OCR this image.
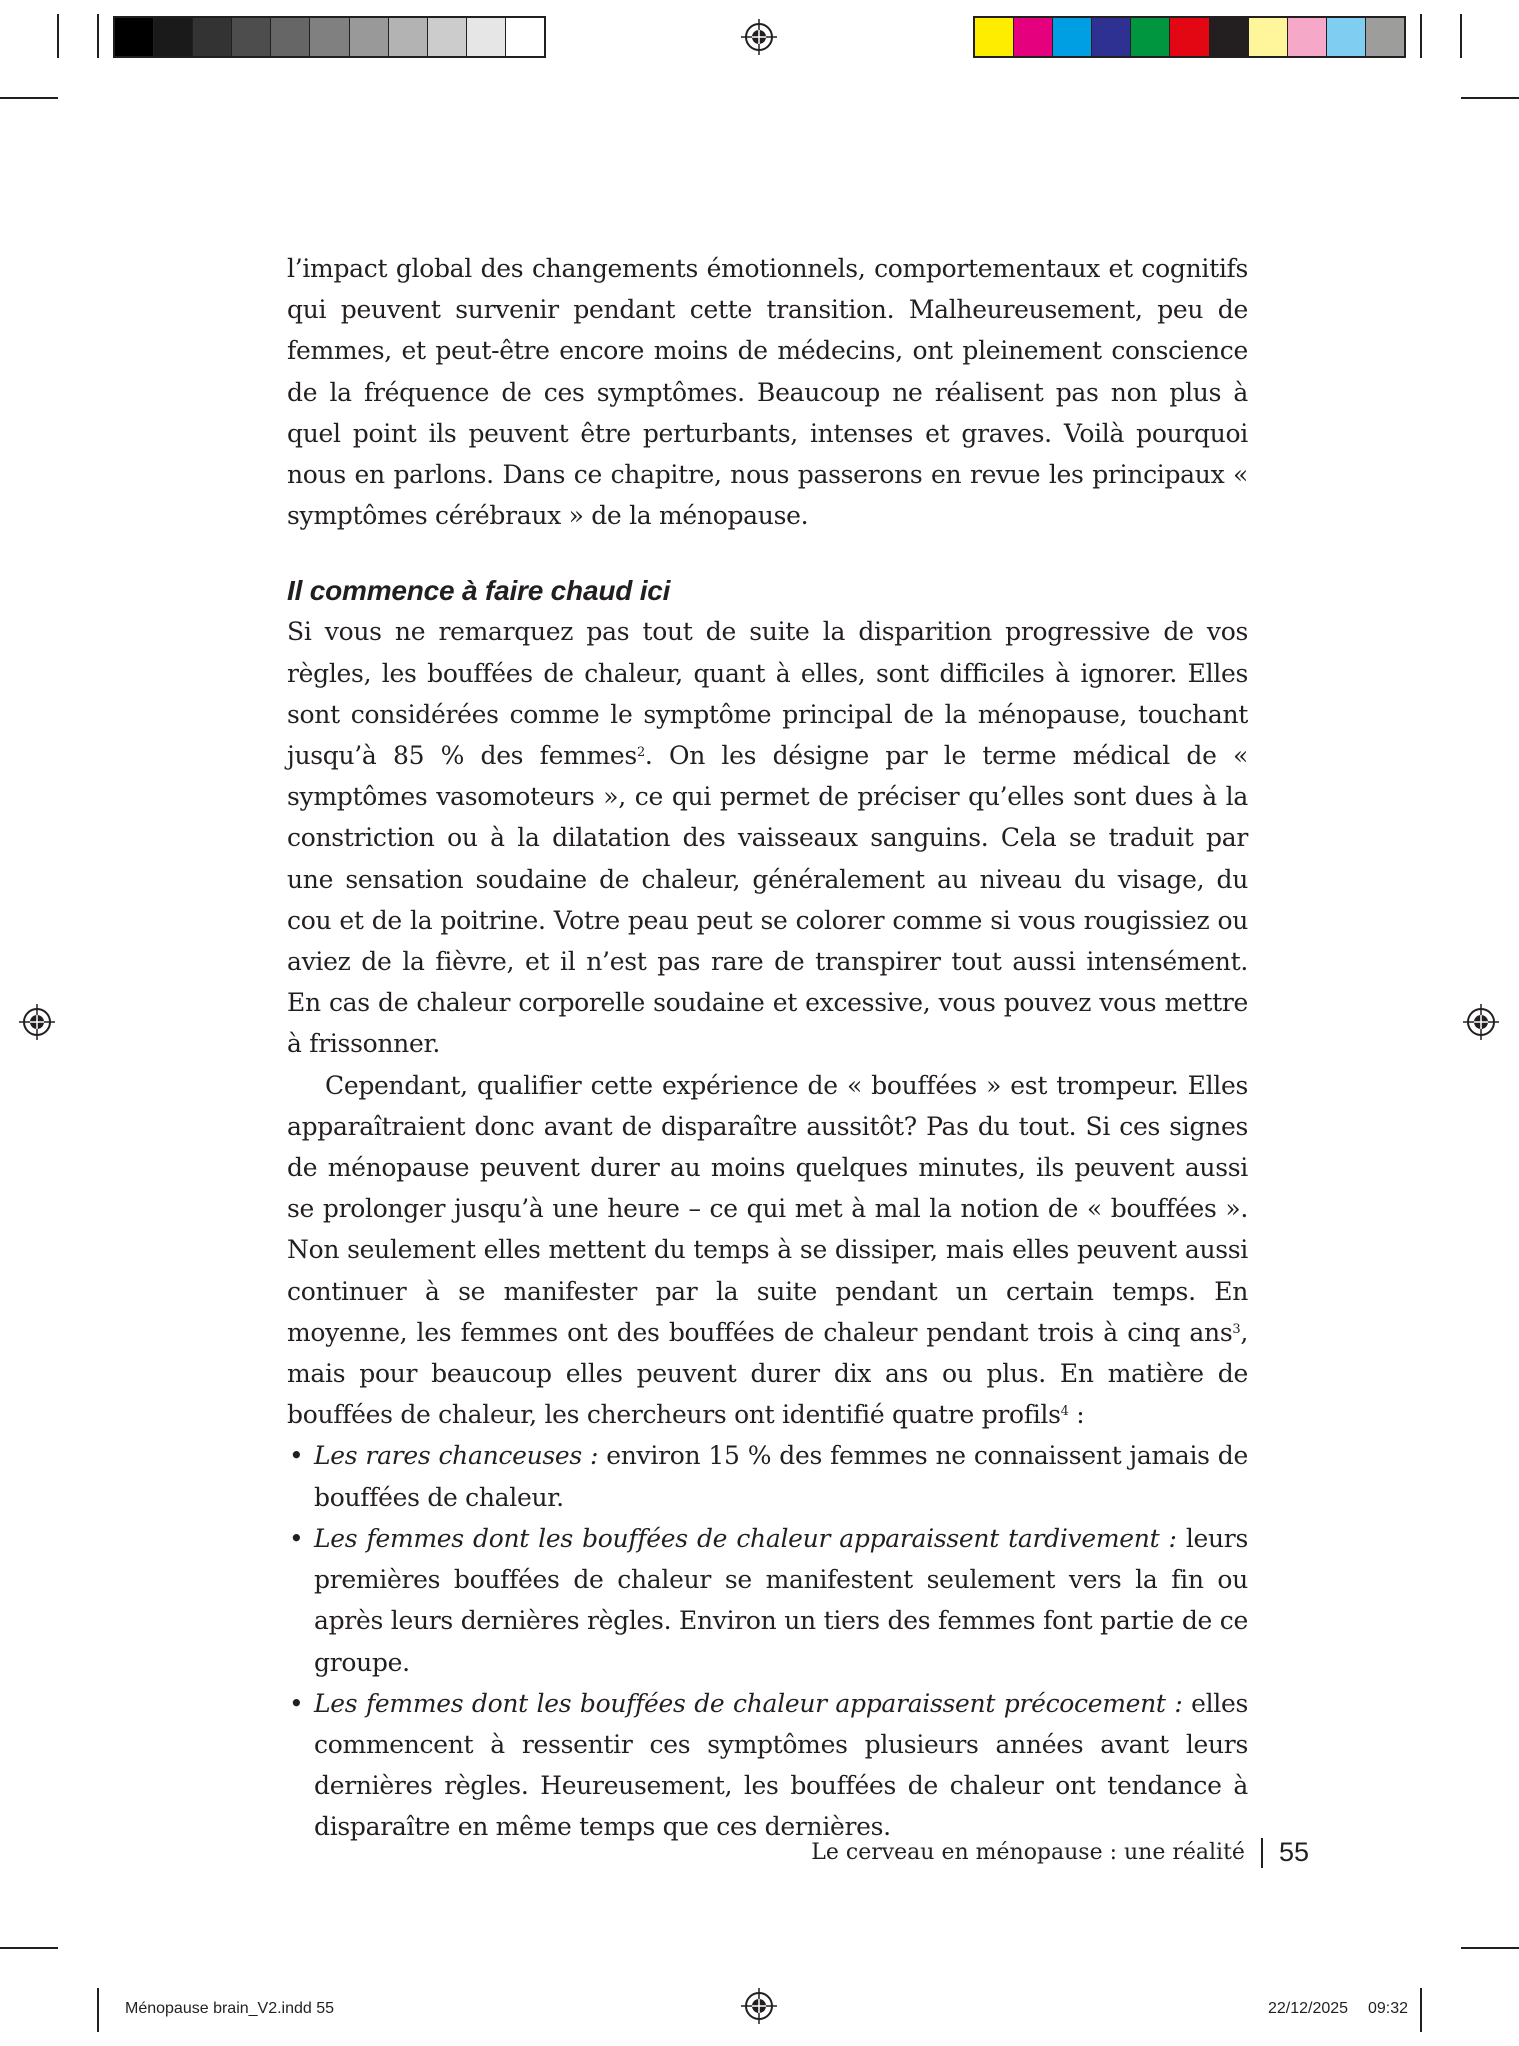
l’impact global des changements émotionnels, comportementaux et cognitifs qui peuvent survenir pendant cette transition. Malheureusement, peu de femmes, et peut-être encore moins de médecins, ont pleinement conscience de la fréquence de ces symptômes. Beaucoup ne réalisent pas non plus à quel point ils peuvent être perturbants, intenses et graves. Voilà pourquoi nous en parlons. Dans ce chapitre, nous passerons en revue les principaux « symptômes cérébraux » de la ménopause.

Il commence à faire chaud ici

Si vous ne remarquez pas tout de suite la disparition progressive de vos règles, les bouffées de chaleur, quant à elles, sont difficiles à ignorer. Elles sont considérées comme le symptôme principal de la ménopause, touchant jusqu’à 85 % des femmes$^2$. On les désigne par le terme médical de « symptômes vasomoteurs », ce qui permet de préciser qu’elles sont dues à la constriction ou à la dilatation des vaisseaux sanguins. Cela se traduit par une sensation soudaine de chaleur, généralement au niveau du visage, du cou et de la poitrine. Votre peau peut se colorer comme si vous rougissiez ou aviez de la fièvre, et il n’est pas rare de transpirer tout aussi intensément. En cas de chaleur corporelle soudaine et excessive, vous pouvez vous mettre à frissonner.

Cependant, qualifier cette expérience de « bouffées » est trompeur. Elles apparaîtraient donc avant de disparaître aussitôt? Pas du tout. Si ces signes de ménopause peuvent durer au moins quelques minutes, ils peuvent aussi se prolonger jusqu’à une heure – ce qui met à mal la notion de « bouffées ». Non seulement elles mettent du temps à se dissiper, mais elles peuvent aussi continuer à se manifester par la suite pendant un certain temps. En moyenne, les femmes ont des bouffées de chaleur pendant trois à cinq ans$^3$, mais pour beaucoup elles peuvent durer dix ans ou plus. En matière de bouffées de chaleur, les chercheurs ont identifié quatre profils$^4$ :

• Les rares chanceuses : environ 15 % des femmes ne connaissent jamais de bouffées de chaleur.
• Les femmes dont les bouffées de chaleur apparaissent tardivement : leurs premières bouffées de chaleur se manifestent seulement vers la fin ou après leurs dernières règles. Environ un tiers des femmes font partie de ce groupe.
• Les femmes dont les bouffées de chaleur apparaissent précocement : elles commencent à ressentir ces symptômes plusieurs années avant leurs dernières règles. Heureusement, les bouffées de chaleur ont tendance à disparaître en même temps que ces dernières.
Le cerveau en ménopause : une réalité 55
Ménopause brain_V2.indd 55	22/12/2025 09:32
